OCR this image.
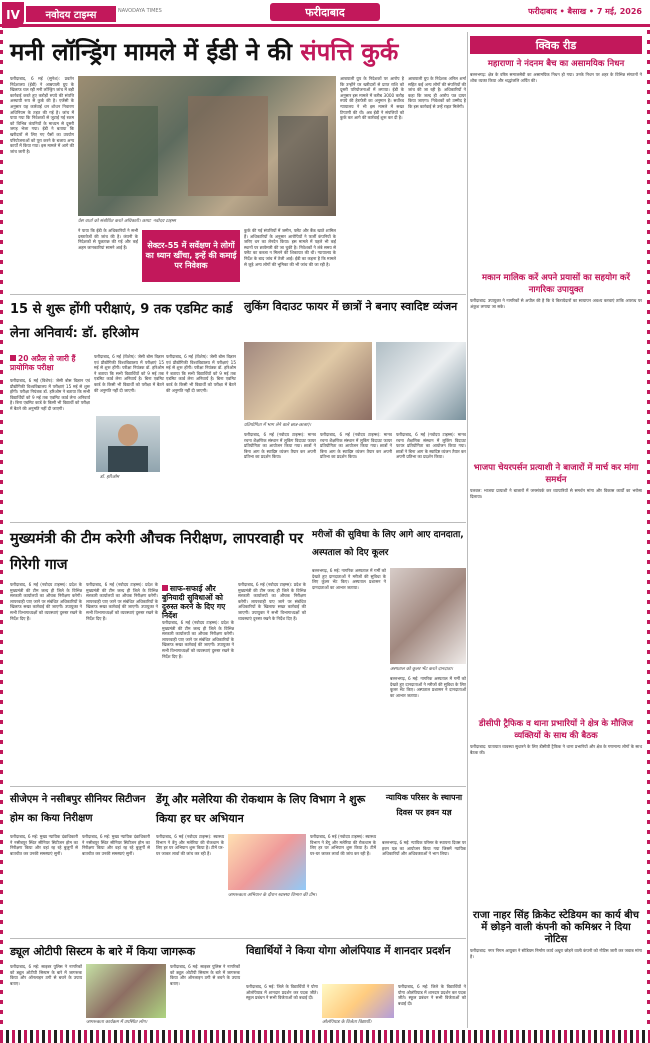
IV	नवोदय टाइम्स	NAVODAYA TIMES	फरीदाबाद	फरीदाबाद • बैसाख • 7 मई, 2026
मनी लॉन्ड्रिंग मामले में ईडी ने की संपत्ति कुर्क
फरीदाबाद, 6 मई (सुनेश): प्रवर्तन निदेशालय (ईडी) ने आम्रपाली ग्रुप के खिलाफ चल रही मनी लॉन्ड्रिंग जांच में बड़ी कार्रवाई करते हुए करोड़ों रुपये की संपत्ति अस्थायी रूप से कुर्क की है। एजेंसी के अनुसार यह कार्रवाई धन शोधन निवारण अधिनियम के तहत की गई है। जांच में पाया गया कि निवेशकों से जुटाई गई रकम को विभिन्न कंपनियों के माध्यम से दूसरी जगह भेजा गया। ईडी ने बताया कि खरीदारों से लिए गए पैसों का उपयोग परियोजनाओं को पूरा करने के बजाय अन्य कार्यों में किया गया। इस मामले में आगे की जांच जारी है।
प्रेस वार्ता को संबोधित करते अधिकारी। छाया: नवोदय टाइम्स
ने पाया कि ईडी के अधिकारियों ने सभी दस्तावेजों की जांच की है। कंपनी के निदेशकों से पूछताछ की गई और कई अहम जानकारियां सामने आई हैं।	सेक्टर-55 में सर्वेक्षण ने लोगों का ध्यान खींचा, इन्हें की कमाई पर निवेशक
कुर्क की गई संपत्तियों में जमीन, फ्लैट और बैंक खाते शामिल हैं। अधिकारियों के अनुसार आरोपियों ने फर्जी कंपनियों के जरिए धन का लेनदेन किया। इस मामले में पहले भी कई स्थानों पर छापेमारी की जा चुकी है। निवेशकों ने लंबे समय से फ्लैट का कब्जा न मिलने की शिकायत की थी। न्यायालय के निर्देश के बाद जांच में तेजी आई। ईडी का कहना है कि मामले से जुड़े अन्य लोगों की भूमिका की भी जांच की जा रही है।
आम्रपाली ग्रुप के निदेशकों पर आरोप है कि उन्होंने घर खरीदारों से प्राप्त राशि को दूसरी परियोजनाओं में लगाया। ईडी के अनुसार इस मामले में करीब 3000 करोड़ रुपये की हेराफेरी का अनुमान है। सर्वोच्च न्यायालय ने भी इस मामले में सख्त टिप्पणी की थी। अब ईडी ने संपत्तियों को कुर्क कर आगे की कार्रवाई शुरू कर दी है।
आम्रपाली ग्रुप के निदेशक अनिल शर्मा सहित कई अन्य लोगों की संपत्तियों की जांच की जा रही है। अधिकारियों ने कहा कि जल्द ही आरोप पत्र दायर किया जाएगा। निवेशकों को उम्मीद है कि इस कार्रवाई से उन्हें राहत मिलेगी।
15 से शुरू होंगी परीक्षाएं, 9 तक एडमिट कार्ड लेना अनिवार्य: डॉ. हरिओम
20 अप्रैल से जारी हैं प्रायोगिक परीक्षा
फरीदाबाद, 6 मई (विशेष): जेसी बोस विज्ञान एवं प्रौद्योगिकी विश्वविद्यालय में परीक्षाएं 15 मई से शुरू होंगी। परीक्षा नियंत्रक डॉ. हरिओम ने बताया कि सभी विद्यार्थियों को 9 मई तक एडमिट कार्ड लेना अनिवार्य है। बिना एडमिट कार्ड के किसी भी विद्यार्थी को परीक्षा में बैठने की अनुमति नहीं दी जाएगी।
फरीदाबाद, 6 मई (विशेष): जेसी बोस विज्ञान एवं प्रौद्योगिकी विश्वविद्यालय में परीक्षाएं 15 मई से शुरू होंगी। परीक्षा नियंत्रक डॉ. हरिओम ने बताया कि सभी विद्यार्थियों को 9 मई तक एडमिट कार्ड लेना अनिवार्य है। बिना एडमिट कार्ड के किसी भी विद्यार्थी को परीक्षा में बैठने की अनुमति नहीं दी जाएगी।
डॉ. हरिओम
फरीदाबाद, 6 मई (विशेष): जेसी बोस विज्ञान एवं प्रौद्योगिकी विश्वविद्यालय में परीक्षाएं 15 मई से शुरू होंगी। परीक्षा नियंत्रक डॉ. हरिओम ने बताया कि सभी विद्यार्थियों को 9 मई तक एडमिट कार्ड लेना अनिवार्य है। बिना एडमिट कार्ड के किसी भी विद्यार्थी को परीक्षा में बैठने की अनुमति नहीं दी जाएगी।
लुकिंग विदाउट फायर में छात्रों ने बनाए स्वादिष्ट व्यंजन
प्रतियोगिता में भाग लेने वाले छात्र-छात्राएं।
फरीदाबाद, 6 मई (नवोदय टाइम्स): मानव रचना शैक्षणिक संस्थान में लुकिंग विदाउट फायर प्रतियोगिता का आयोजन किया गया। छात्रों ने बिना आग के स्वादिष्ट व्यंजन तैयार कर अपनी प्रतिभा का प्रदर्शन किया।
फरीदाबाद, 6 मई (नवोदय टाइम्स): मानव रचना शैक्षणिक संस्थान में लुकिंग विदाउट फायर प्रतियोगिता का आयोजन किया गया। छात्रों ने बिना आग के स्वादिष्ट व्यंजन तैयार कर अपनी प्रतिभा का प्रदर्शन किया।
फरीदाबाद, 6 मई (नवोदय टाइम्स): मानव रचना शैक्षणिक संस्थान में लुकिंग विदाउट फायर प्रतियोगिता का आयोजन किया गया। छात्रों ने बिना आग के स्वादिष्ट व्यंजन तैयार कर अपनी प्रतिभा का प्रदर्शन किया।
मुख्यमंत्री की टीम करेगी औचक निरीक्षण, लापरवाही पर गिरेगी गाज
फरीदाबाद, 6 मई (नवोदय टाइम्स): प्रदेश के मुख्यमंत्री की टीम जल्द ही जिले के विभिन्न सरकारी कार्यालयों का औचक निरीक्षण करेगी। लापरवाही पाए जाने पर संबंधित अधिकारियों के खिलाफ सख्त कार्रवाई की जाएगी। उपायुक्त ने सभी विभागाध्यक्षों को व्यवस्थाएं दुरुस्त रखने के निर्देश दिए हैं।
फरीदाबाद, 6 मई (नवोदय टाइम्स): प्रदेश के मुख्यमंत्री की टीम जल्द ही जिले के विभिन्न सरकारी कार्यालयों का औचक निरीक्षण करेगी। लापरवाही पाए जाने पर संबंधित अधिकारियों के खिलाफ सख्त कार्रवाई की जाएगी। उपायुक्त ने सभी विभागाध्यक्षों को व्यवस्थाएं दुरुस्त रखने के निर्देश दिए हैं।
साफ-सफाई और बुनियादी सुविधाओं को दुरुस्त करने के दिए गए निर्देश
फरीदाबाद, 6 मई (नवोदय टाइम्स): प्रदेश के मुख्यमंत्री की टीम जल्द ही जिले के विभिन्न सरकारी कार्यालयों का औचक निरीक्षण करेगी। लापरवाही पाए जाने पर संबंधित अधिकारियों के खिलाफ सख्त कार्रवाई की जाएगी। उपायुक्त ने सभी विभागाध्यक्षों को व्यवस्थाएं दुरुस्त रखने के निर्देश दिए हैं।
फरीदाबाद, 6 मई (नवोदय टाइम्स): प्रदेश के मुख्यमंत्री की टीम जल्द ही जिले के विभिन्न सरकारी कार्यालयों का औचक निरीक्षण करेगी। लापरवाही पाए जाने पर संबंधित अधिकारियों के खिलाफ सख्त कार्रवाई की जाएगी। उपायुक्त ने सभी विभागाध्यक्षों को व्यवस्थाएं दुरुस्त रखने के निर्देश दिए हैं।
मरीजों की सुविधा के लिए आगे आए दानदाता, अस्पताल को दिए कूलर
बल्लभगढ़, 6 मई: नागरिक अस्पताल में गर्मी को देखते हुए दानदाताओं ने मरीजों की सुविधा के लिए कूलर भेंट किए। अस्पताल प्रशासन ने दानदाताओं का आभार जताया।
अस्पताल को कूलर भेंट करते दानदाता।
बल्लभगढ़, 6 मई: नागरिक अस्पताल में गर्मी को देखते हुए दानदाताओं ने मरीजों की सुविधा के लिए कूलर भेंट किए। अस्पताल प्रशासन ने दानदाताओं का आभार जताया।
सीजेएम ने नसीबपुर सीनियर सिटीजन होम का किया निरीक्षण
फरीदाबाद, 6 मई: मुख्य न्यायिक दंडाधिकारी ने नसीबपुर स्थित सीनियर सिटीजन होम का निरीक्षण किया और वहां रह रहे बुजुर्गों से बातचीत कर उनकी समस्याएं सुनीं।
फरीदाबाद, 6 मई: मुख्य न्यायिक दंडाधिकारी ने नसीबपुर स्थित सीनियर सिटीजन होम का निरीक्षण किया और वहां रह रहे बुजुर्गों से बातचीत कर उनकी समस्याएं सुनीं।
डेंगू और मलेरिया की रोकथाम के लिए विभाग ने शुरू किया हर घर अभियान
फरीदाबाद, 6 मई (नवोदय टाइम्स): स्वास्थ्य विभाग ने डेंगू और मलेरिया की रोकथाम के लिए हर घर अभियान शुरू किया है। टीमें घर-घर जाकर लार्वा की जांच कर रही हैं।
जागरूकता अभियान के दौरान स्वास्थ्य विभाग की टीम।
फरीदाबाद, 6 मई (नवोदय टाइम्स): स्वास्थ्य विभाग ने डेंगू और मलेरिया की रोकथाम के लिए हर घर अभियान शुरू किया है। टीमें घर-घर जाकर लार्वा की जांच कर रही हैं।
न्यायिक परिसर के स्थापना दिवस पर हवन यज्ञ
बल्लभगढ़, 6 मई: न्यायिक परिसर के स्थापना दिवस पर हवन यज्ञ का आयोजन किया गया जिसमें न्यायिक अधिकारियों और अधिवक्ताओं ने भाग लिया।
ड्यूल ओटीपी सिस्टम के बारे में किया जागरूक
फरीदाबाद, 6 मई: साइबर पुलिस ने नागरिकों को ड्यूल ओटीपी सिस्टम के बारे में जागरूक किया और ऑनलाइन ठगी से बचने के उपाय बताए।
जागरूकता कार्यक्रम में उपस्थित लोग।
फरीदाबाद, 6 मई: साइबर पुलिस ने नागरिकों को ड्यूल ओटीपी सिस्टम के बारे में जागरूक किया और ऑनलाइन ठगी से बचने के उपाय बताए।
विद्यार्थियों ने किया योगा ओलंपियाड में शानदार प्रदर्शन
फरीदाबाद, 6 मई: जिले के विद्यार्थियों ने योगा ओलंपियाड में शानदार प्रदर्शन कर पदक जीते। स्कूल प्रबंधन ने सभी विजेताओं को बधाई दी।
ओलंपियाड के विजेता विद्यार्थी।
फरीदाबाद, 6 मई: जिले के विद्यार्थियों ने योगा ओलंपियाड में शानदार प्रदर्शन कर पदक जीते। स्कूल प्रबंधन ने सभी विजेताओं को बधाई दी।
क्विक रीड
महाराणा ने नंदनम बैच का असामयिक निधन
बल्लभगढ़: क्षेत्र के वरिष्ठ समाजसेवी का असामयिक निधन हो गया। उनके निधन पर शहर के विभिन्न संगठनों ने शोक व्यक्त किया और श्रद्धांजलि अर्पित की।
मकान मालिक करें अपने प्रयासों का सहयोग करें नागरिकः उपायुक्त
फरीदाबाद: उपायुक्त ने नागरिकों से अपील की है कि वे किरायेदारों का सत्यापन अवश्य करवाएं ताकि अपराध पर अंकुश लगाया जा सके।
भाजपा चेयरपर्सन प्रत्याशी ने बाजारों में मार्च कर मांगा समर्थन
पलवल: भाजपा प्रत्याशी ने बाजारों में जनसंपर्क कर व्यापारियों से समर्थन मांगा और विकास कार्यों का भरोसा दिलाया।
डीसीपी ट्रैफिक व थाना प्रभारियों ने क्षेत्र के मौजिज व्यक्तियों के साथ की बैठक
फरीदाबाद: यातायात व्यवस्था सुधारने के लिए डीसीपी ट्रैफिक ने थाना प्रभारियों और क्षेत्र के गणमान्य लोगों के साथ बैठक की।
राजा नाहर सिंह क्रिकेट स्टेडियम का कार्य बीच में छोड़ने वाली कंपनी को कमिश्नर ने दिया नोटिस
फरीदाबाद: नगर निगम आयुक्त ने स्टेडियम निर्माण कार्य अधूरा छोड़ने वाली कंपनी को नोटिस जारी कर जवाब मांगा है।
